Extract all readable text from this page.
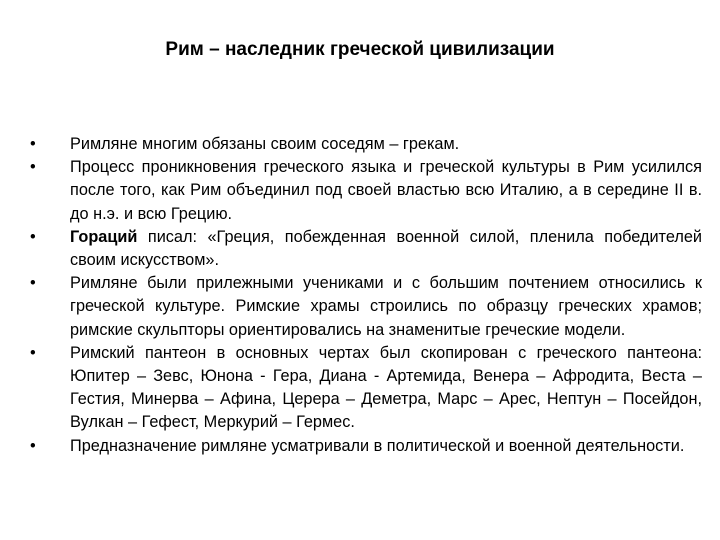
Рим – наследник греческой цивилизации
•	Римляне многим обязаны своим соседям – грекам.
•	Процесс проникновения греческого языка и греческой культуры в Рим усилился после того, как Рим объединил под своей властью всю Италию, а в середине II в. до н.э. и всю Грецию.
•	Гораций писал: «Греция, побежденная военной силой, пленила победителей своим искусством».
•	Римляне были прилежными учениками и с большим почтением относились к греческой культуре. Римские храмы строились по образцу греческих храмов; римские скульпторы ориентировались на знаменитые греческие модели.
•	Римский пантеон в основных чертах был скопирован с греческого пантеона: Юпитер – Зевс, Юнона - Гера, Диана - Артемида, Венера – Афродита, Веста – Гестия, Минерва – Афина, Церера – Деметра, Марс – Арес, Нептун – Посейдон, Вулкан – Гефест, Меркурий – Гермес.
•	Предназначение римляне усматривали в политической и военной деятельности.
